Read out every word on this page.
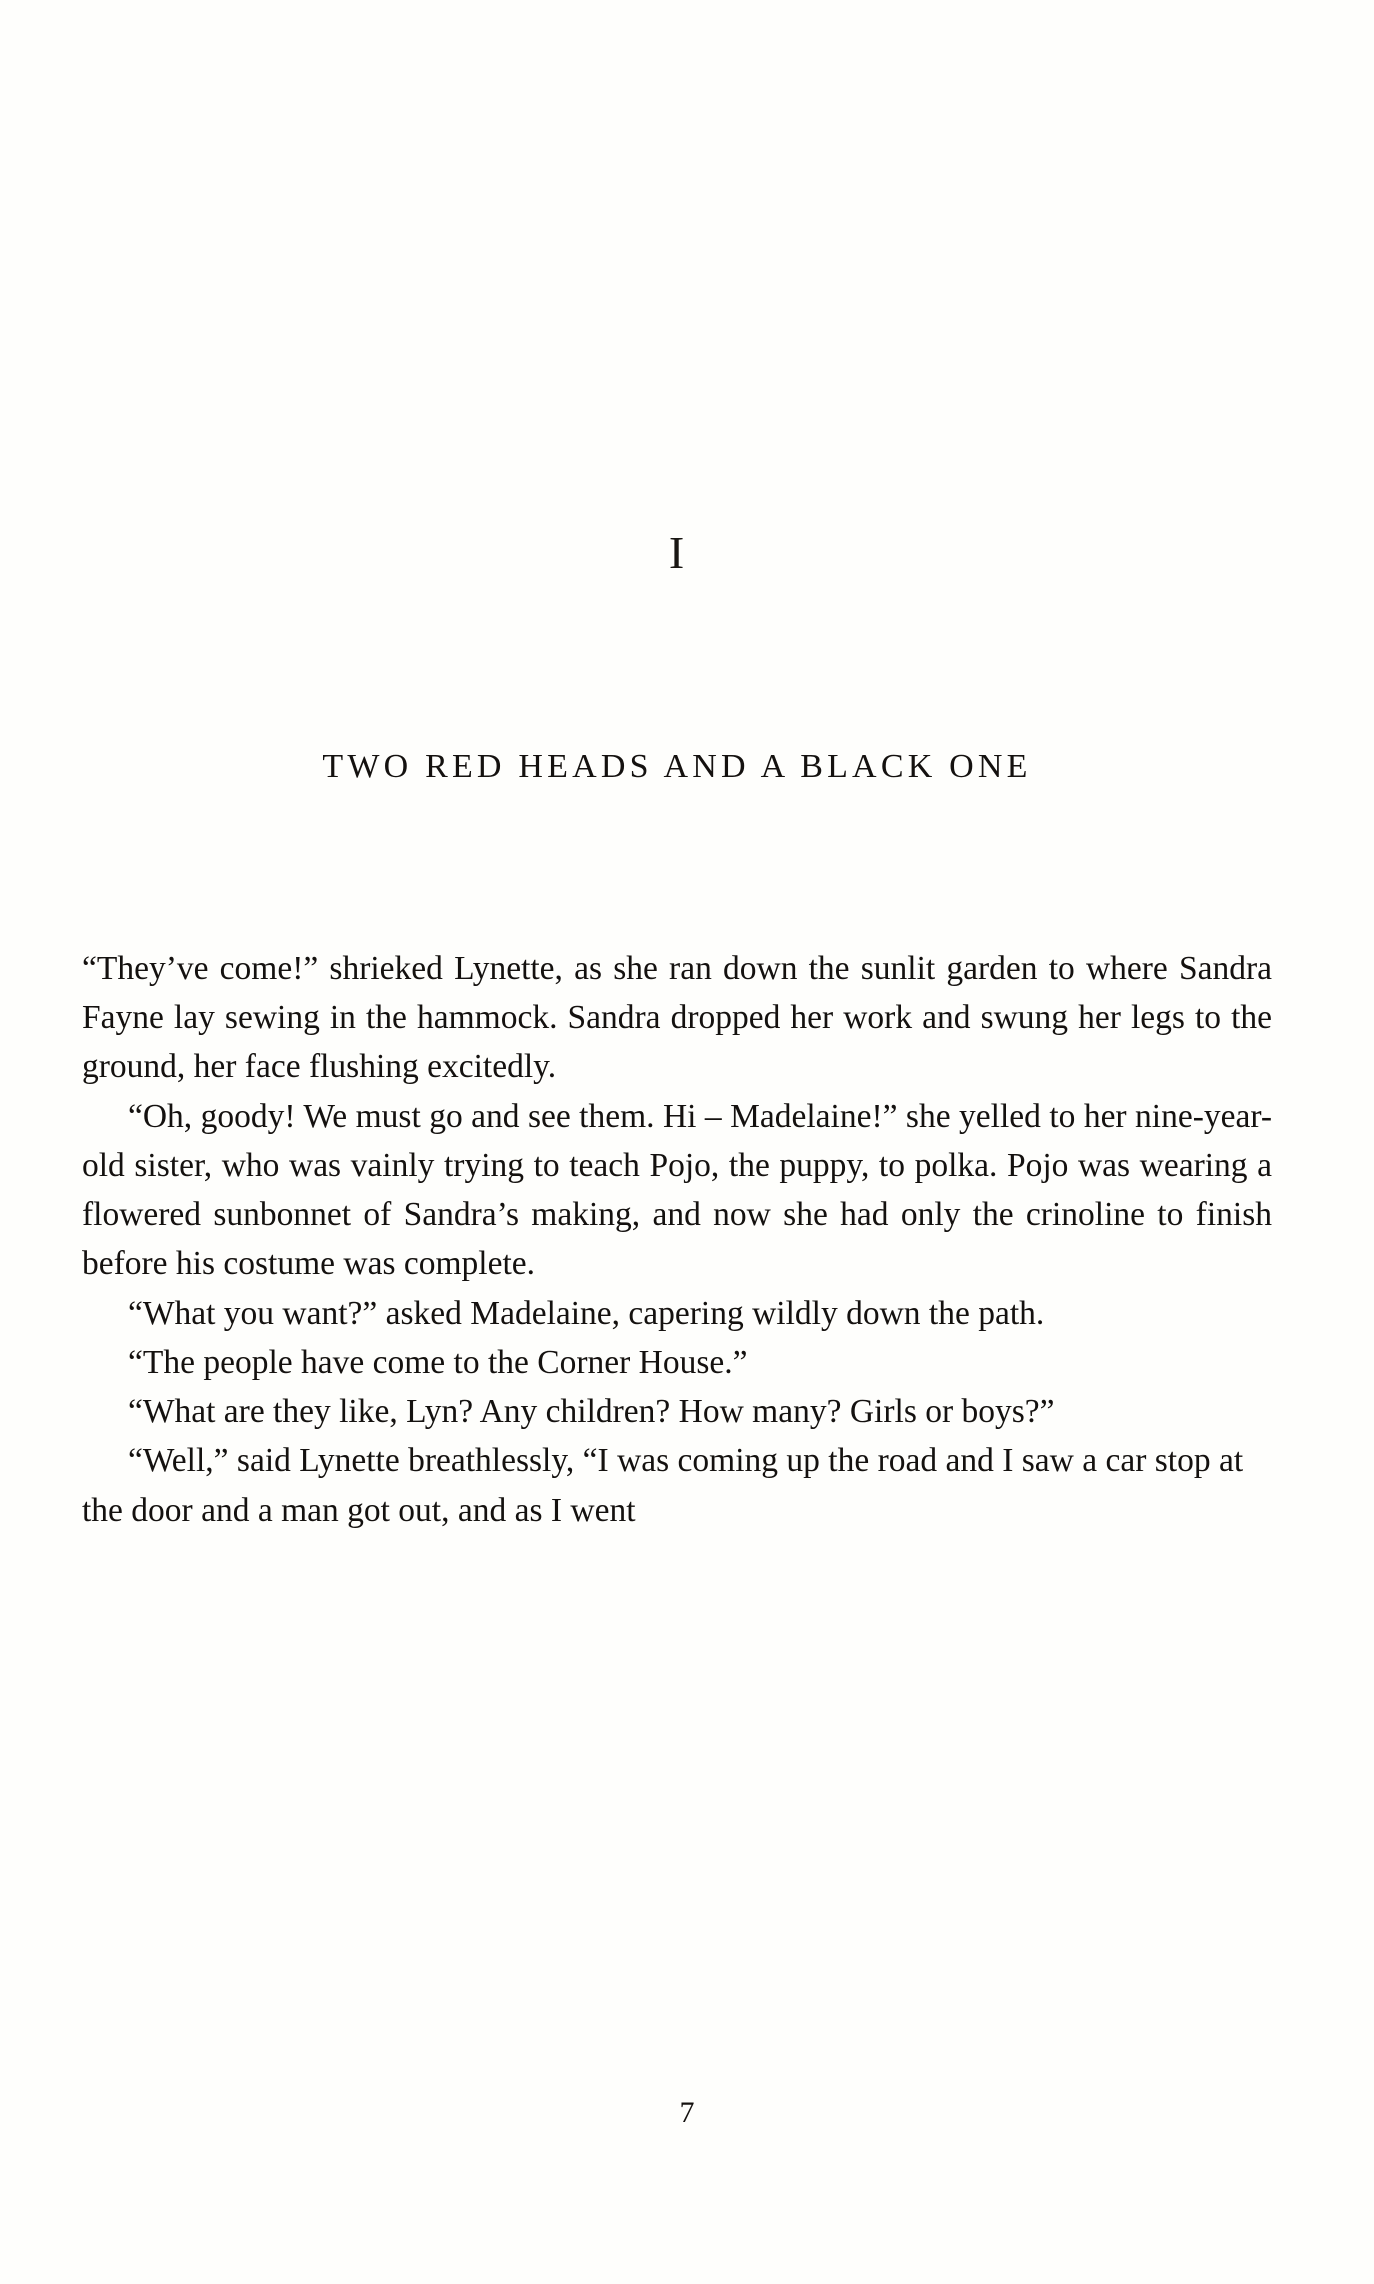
I
TWO RED HEADS AND A BLACK ONE

“They’ve come!” shrieked Lynette, as she ran down the sunlit garden to where Sandra Fayne lay sewing in the hammock. Sandra dropped her work and swung her legs to the ground, her face flushing excitedly.

“Oh, goody! We must go and see them. Hi – Madelaine!” she yelled to her nine-year-old sister, who was vainly trying to teach Pojo, the puppy, to polka. Pojo was wearing a flowered sunbonnet of Sandra’s making, and now she had only the crinoline to finish before his costume was complete.

“What you want?” asked Madelaine, capering wildly down the path.

“The people have come to the Corner House.”

“What are they like, Lyn? Any children? How many? Girls or boys?”

“Well,” said Lynette breathlessly, “I was coming up the road and I saw a car stop at the door and a man got out, and as I went

7
